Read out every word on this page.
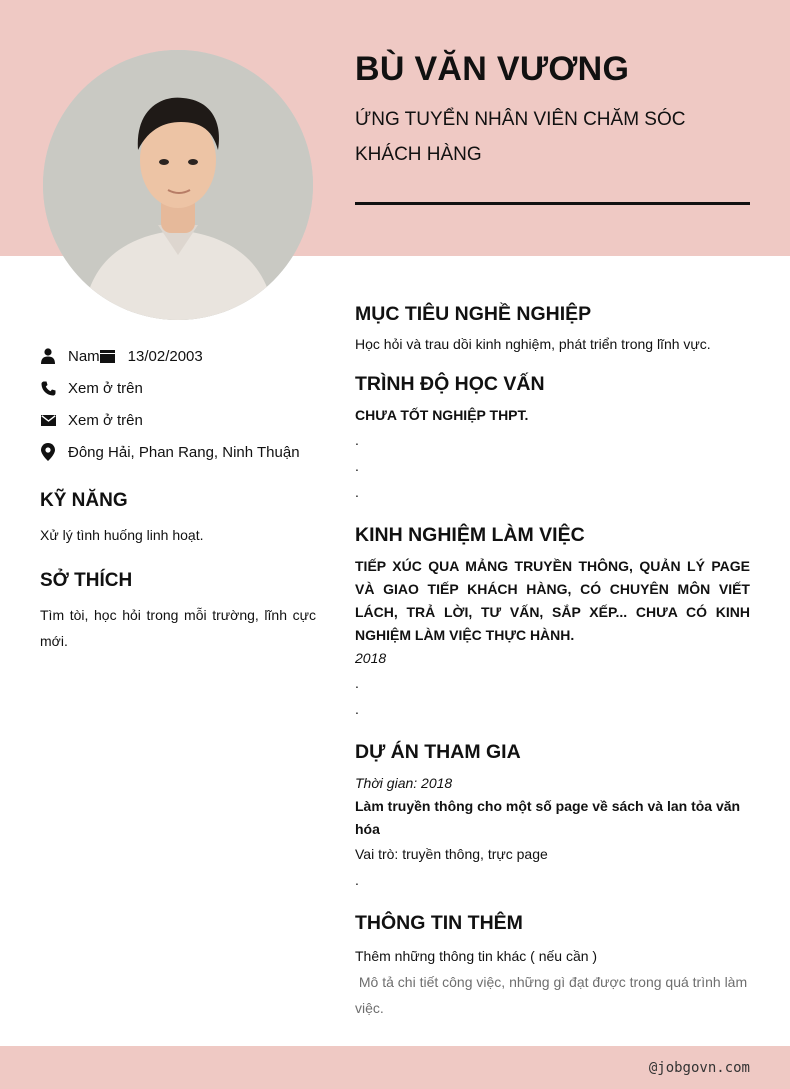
BÙ VĂN VƯƠNG
ỨNG TUYỂN NHÂN VIÊN CHĂM SÓC KHÁCH HÀNG
Nam 13/02/2003
Xem ở trên
Xem ở trên
Đông Hải, Phan Rang, Ninh Thuận
KỸ NĂNG
Xử lý tình huống linh hoạt.
SỞ THÍCH
Tìm tòi, học hỏi trong mỗi trường, lĩnh cực mới.
MỤC TIÊU NGHỀ NGHIỆP
Học hỏi và trau dồi kinh nghiệm, phát triển trong lĩnh vực.
TRÌNH ĐỘ HỌC VẤN
CHƯA TỐT NGHIỆP THPT.
.
.
.
KINH NGHIỆM LÀM VIỆC
TIẾP XÚC QUA MẢNG TRUYỀN THÔNG, QUẢN LÝ PAGE VÀ GIAO TIẾP KHÁCH HÀNG, CÓ CHUYÊN MÔN VIẾT LÁCH, TRẢ LỜI, TƯ VẤN, SẮP XẾP... CHƯA CÓ KINH NGHIỆM LÀM VIỆC THỰC HÀNH.
2018
.
.
DỰ ÁN THAM GIA
Thời gian: 2018
Làm truyền thông cho một số page về sách và lan tỏa văn hóa
Vai trò: truyền thông, trực page
.
THÔNG TIN THÊM
Thêm những thông tin khác ( nếu cần )
Mô tả chi tiết công việc, những gì đạt được trong quá trình làm việc.
@jobgovn.com
